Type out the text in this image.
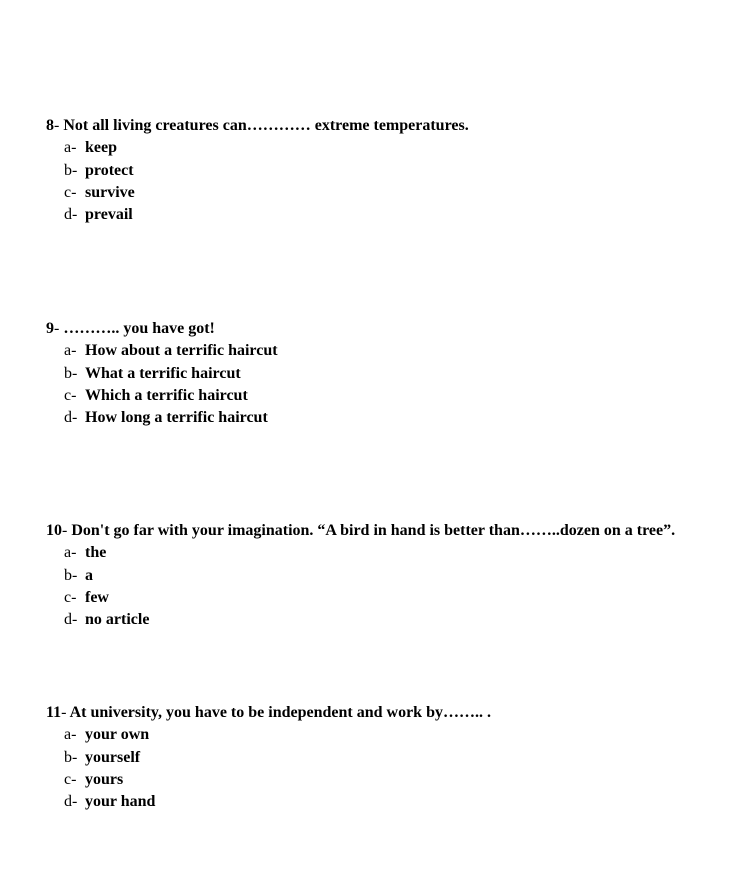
8- Not all living creatures can………… extreme temperatures.

a- keep
b- protect
c- survive
d- prevail

9- ……….. you have got!

a- How about a terrific haircut
b- What a terrific haircut
c- Which a terrific haircut
d- How long a terrific haircut

10- Don't go far with your imagination. “A bird in hand is better than……..dozen on a tree”.

a- the
b- a
c- few
d- no article

11- At university, you have to be independent and work by…….. .

a- your own
b- yourself
c- yours
d- your hand
